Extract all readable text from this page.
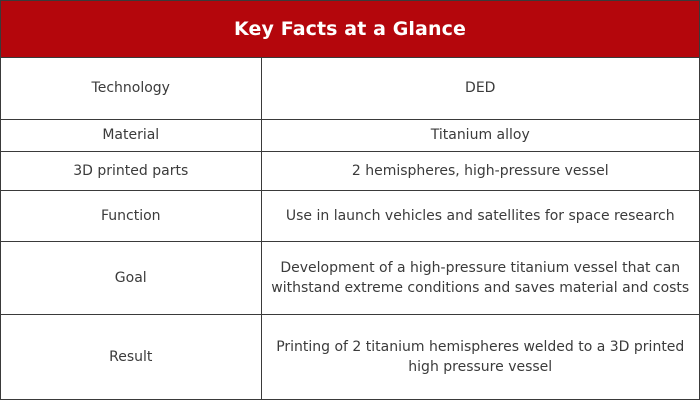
Key Facts at a Glance
Technology	DED
Material	Titanium alloy
3D printed parts	2 hemispheres, high-pressure vessel
Function	Use in launch vehicles and satellites for space research
Goal	Development of a high-pressure titanium vessel that can withstand extreme conditions and saves material and costs
Result	Printing of 2 titanium hemispheres welded to a 3D printed high pressure vessel
